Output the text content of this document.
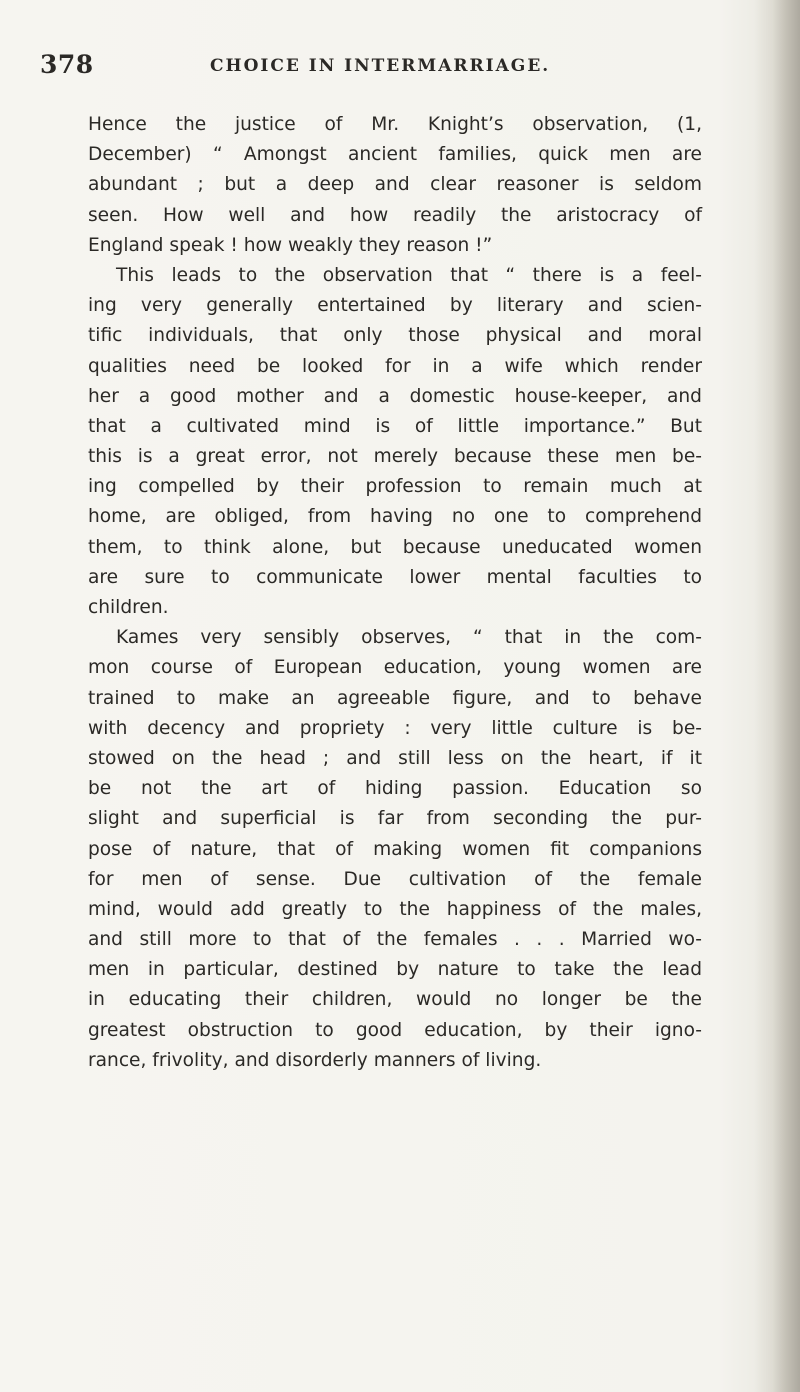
378	CHOICE IN INTERMARRIAGE.
Hence the justice of Mr. Knight’s observation, (1,
December) “ Amongst ancient families, quick men are
abundant ; but a deep and clear reasoner is seldom
seen. How well and how readily the aristocracy of
England speak ! how weakly they reason !”
This leads to the observation that “ there is a feel-
ing very generally entertained by literary and scien-
tific individuals, that only those physical and moral
qualities need be looked for in a wife which render
her a good mother and a domestic house-keeper, and
that a cultivated mind is of little importance.” But
this is a great error, not merely because these men be-
ing compelled by their profession to remain much at
home, are obliged, from having no one to comprehend
them, to think alone, but because uneducated women
are sure to communicate lower mental faculties to
children.
Kames very sensibly observes, “ that in the com-
mon course of European education, young women are
trained to make an agreeable figure, and to behave
with decency and propriety : very little culture is be-
stowed on the head ; and still less on the heart, if it
be not the art of hiding passion. Education so
slight and superficial is far from seconding the pur-
pose of nature, that of making women fit companions
for men of sense. Due cultivation of the female
mind, would add greatly to the happiness of the males,
and still more to that of the females . . . Married wo-
men in particular, destined by nature to take the lead
in educating their children, would no longer be the
greatest obstruction to good education, by their igno-
rance, frivolity, and disorderly manners of living.
